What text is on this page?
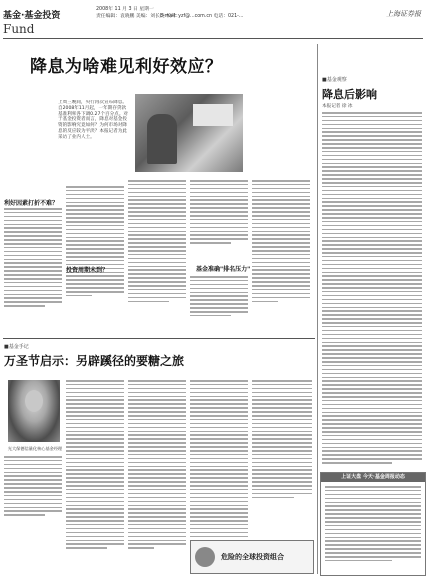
基金·基金投资
Fund
2008年 11 月 3 日 星期一
责任编辑：袁晓鹏 美编：刘长虎 校对：
E-mail: yzf@...com.cn 电话：021-...	上海证券报
降息为啥难见利好效应？
上周三晚间，央行再次宣布降息。自2008年11月起，一年期存贷款基准利率各下调0.27个百分点。对于基金投资者而言，降息对基金投资的影响究竟如何？为何市场对降息的反应较为平淡？本报记者为此采访了业内人士。
利好因素打折不难？
投资周期未到？	基金准确"排名压力"
■基金手记
万圣节启示：另辟蹊径的要糖之旅
光大保德信量化核心基金经理
危险的全球投资组合
■基金观察
降息后影响
本报记者 徐 冰
上证大盘 今天·基金周报动态
